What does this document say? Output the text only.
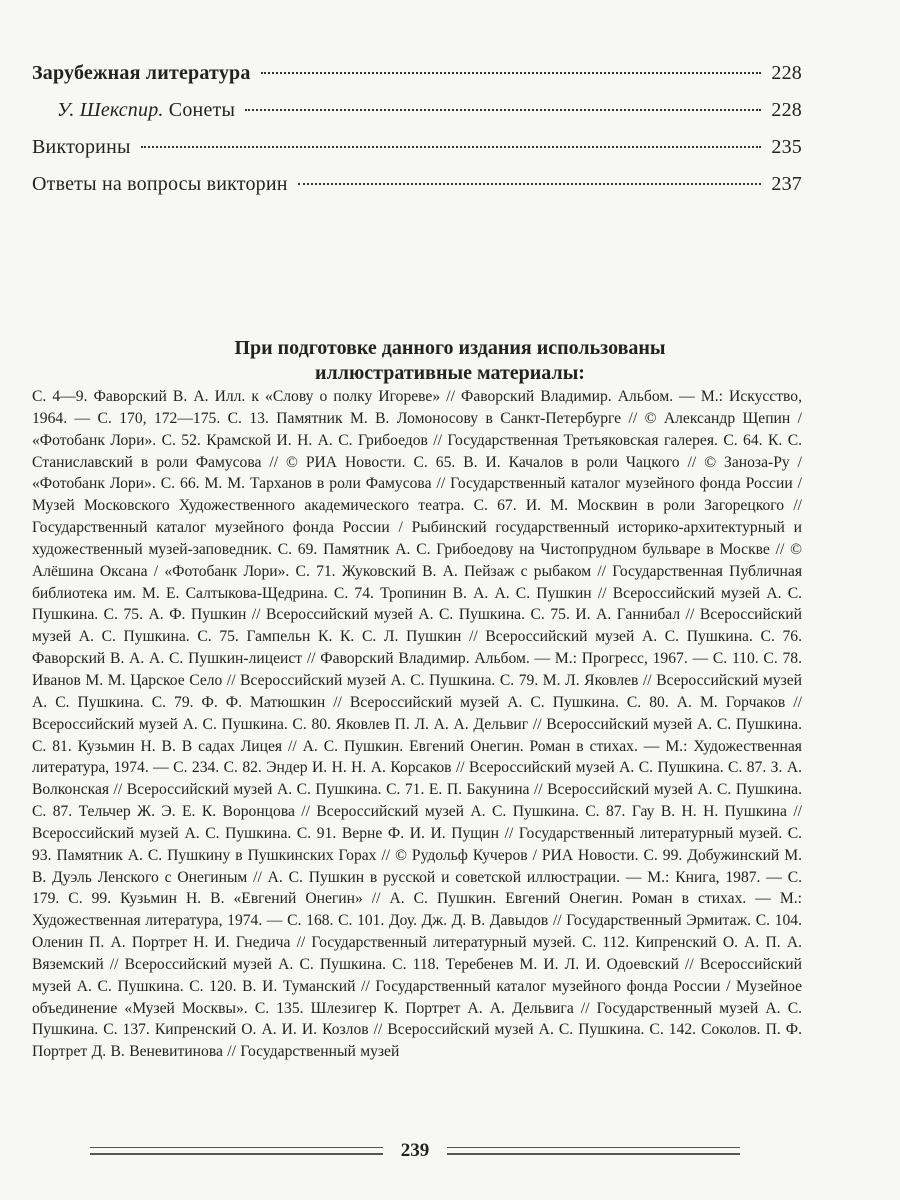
Зарубежная литература	228
У. Шекспир. Сонеты	228
Викторины	235
Ответы на вопросы викторин	237
При подготовке данного издания использованы
иллюстративные материалы:
С. 4—9. Фаворский В. А. Илл. к «Слову о полку Игореве» // Фаворский Владимир. Альбом. — М.: Искусство, 1964. — С. 170, 172—175. С. 13. Памятник М. В. Ломоносову в Санкт-Петербурге // © Александр Щепин / «Фотобанк Лори». С. 52. Крамской И. Н. А. С. Грибоедов // Государственная Третьяковская галерея. С. 64. К. С. Станиславский в роли Фамусова // © РИА Новости. С. 65. В. И. Качалов в роли Чацкого // © Заноза-Ру / «Фотобанк Лори». С. 66. М. М. Тарханов в роли Фамусова // Государственный каталог музейного фонда России / Музей Московского Художественного академического театра. С. 67. И. М. Москвин в роли Загорецкого // Государственный каталог музейного фонда России / Рыбинский государственный историко-архитектурный и художественный музей-заповедник. С. 69. Памятник А. С. Грибоедову на Чистопрудном бульваре в Москве // © Алёшина Оксана / «Фотобанк Лори». С. 71. Жуковский В. А. Пейзаж с рыбаком // Государственная Публичная библиотека им. М. Е. Салтыкова-Щедрина. С. 74. Тропинин В. А. А. С. Пушкин // Всероссийский музей А. С. Пушкина. С. 75. А. Ф. Пушкин // Всероссийский музей А. С. Пушкина. С. 75. И. А. Ганнибал // Всероссийский музей А. С. Пушкина. С. 75. Гампельн К. К. С. Л. Пушкин // Всероссийский музей А. С. Пушкина. С. 76. Фаворский В. А. А. С. Пушкин-лицеист // Фаворский Владимир. Альбом. — М.: Прогресс, 1967. — С. 110. С. 78. Иванов М. М. Царское Село // Всероссийский музей А. С. Пушкина. С. 79. М. Л. Яковлев // Всероссийский музей А. С. Пушкина. С. 79. Ф. Ф. Матюшкин // Всероссийский музей А. С. Пушкина. С. 80. А. М. Горчаков // Всероссийский музей А. С. Пушкина. С. 80. Яковлев П. Л. А. А. Дельвиг // Всероссийский музей А. С. Пушкина. С. 81. Кузьмин Н. В. В садах Лицея // А. С. Пушкин. Евгений Онегин. Роман в стихах. — М.: Художественная литература, 1974. — С. 234. С. 82. Эндер И. Н. Н. А. Корсаков // Всероссийский музей А. С. Пушкина. С. 87. З. А. Волконская // Всероссийский музей А. С. Пушкина. С. 71. Е. П. Бакунина // Всероссийский музей А. С. Пушкина. С. 87. Тельчер Ж. Э. Е. К. Воронцова // Всероссийский музей А. С. Пушкина. С. 87. Гау В. Н. Н. Пушкина // Всероссийский музей А. С. Пушкина. С. 91. Верне Ф. И. И. Пущин // Государственный литературный музей. С. 93. Памятник А. С. Пушкину в Пушкинских Горах // © Рудольф Кучеров / РИА Новости. С. 99. Добужинский М. В. Дуэль Ленского с Онегиным // А. С. Пушкин в русской и советской иллюстрации. — М.: Книга, 1987. — С. 179. С. 99. Кузьмин Н. В. «Евгений Онегин» // А. С. Пушкин. Евгений Онегин. Роман в стихах. — М.: Художественная литература, 1974. — С. 168. С. 101. Доу. Дж. Д. В. Давыдов // Государственный Эрмитаж. С. 104. Оленин П. А. Портрет Н. И. Гнедича // Государственный литературный музей. С. 112. Кипренский О. А. П. А. Вяземский // Всероссийский музей А. С. Пушкина. С. 118. Теребенев М. И. Л. И. Одоевский // Всероссийский музей А. С. Пушкина. С. 120. В. И. Туманский // Государственный каталог музейного фонда России / Музейное объединение «Музей Москвы». С. 135. Шлезигер К. Портрет А. А. Дельвига // Государственный музей А. С. Пушкина. С. 137. Кипренский О. А. И. И. Козлов // Всероссийский музей А. С. Пушкина. С. 142. Соколов. П. Ф. Портрет Д. В. Веневитинова // Государственный музей
239
